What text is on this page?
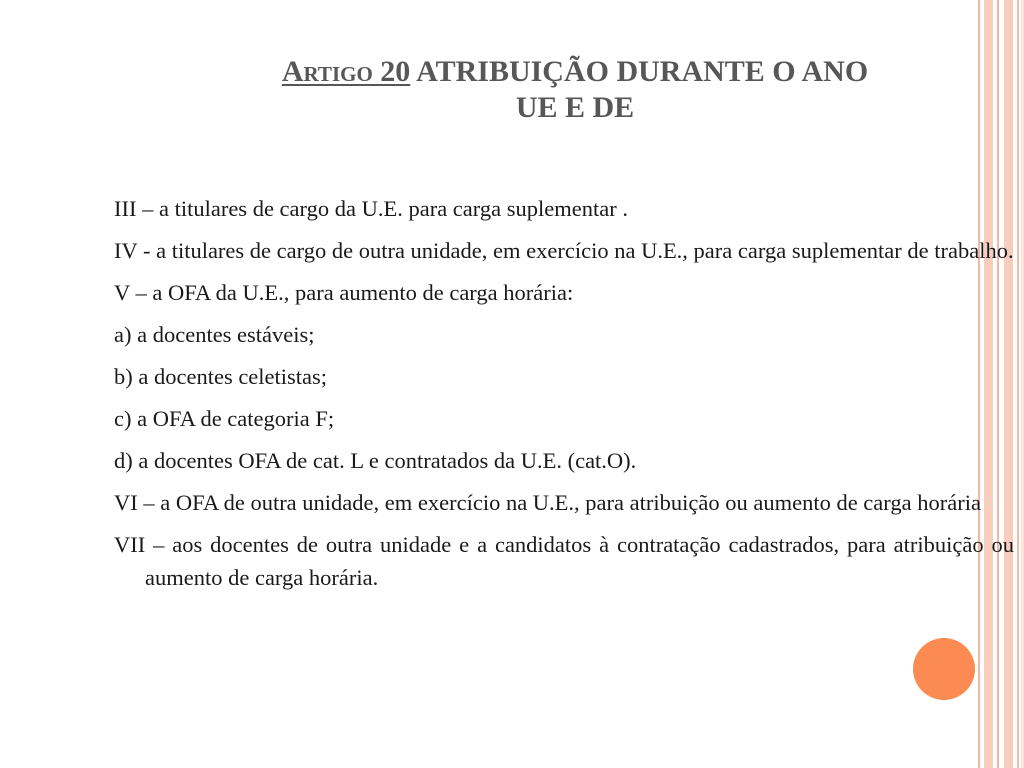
Artigo 20 ATRIBUIÇÃO DURANTE O ANO
UE E DE

III – a titulares de cargo da U.E. para carga suplementar .

IV - a titulares de cargo de outra unidade, em exercício na U.E., para carga suplementar de trabalho.

V – a OFA da U.E., para aumento de carga horária:

a) a docentes estáveis;

b) a docentes celetistas;

c) a OFA de categoria F;

d) a docentes OFA de cat. L e contratados da U.E. (cat.O).

VI – a OFA de outra unidade, em exercício na U.E., para atribuição ou aumento de carga horária

VII – aos docentes de outra unidade e a candidatos à contratação cadastrados, para atribuição ou aumento de carga horária.
